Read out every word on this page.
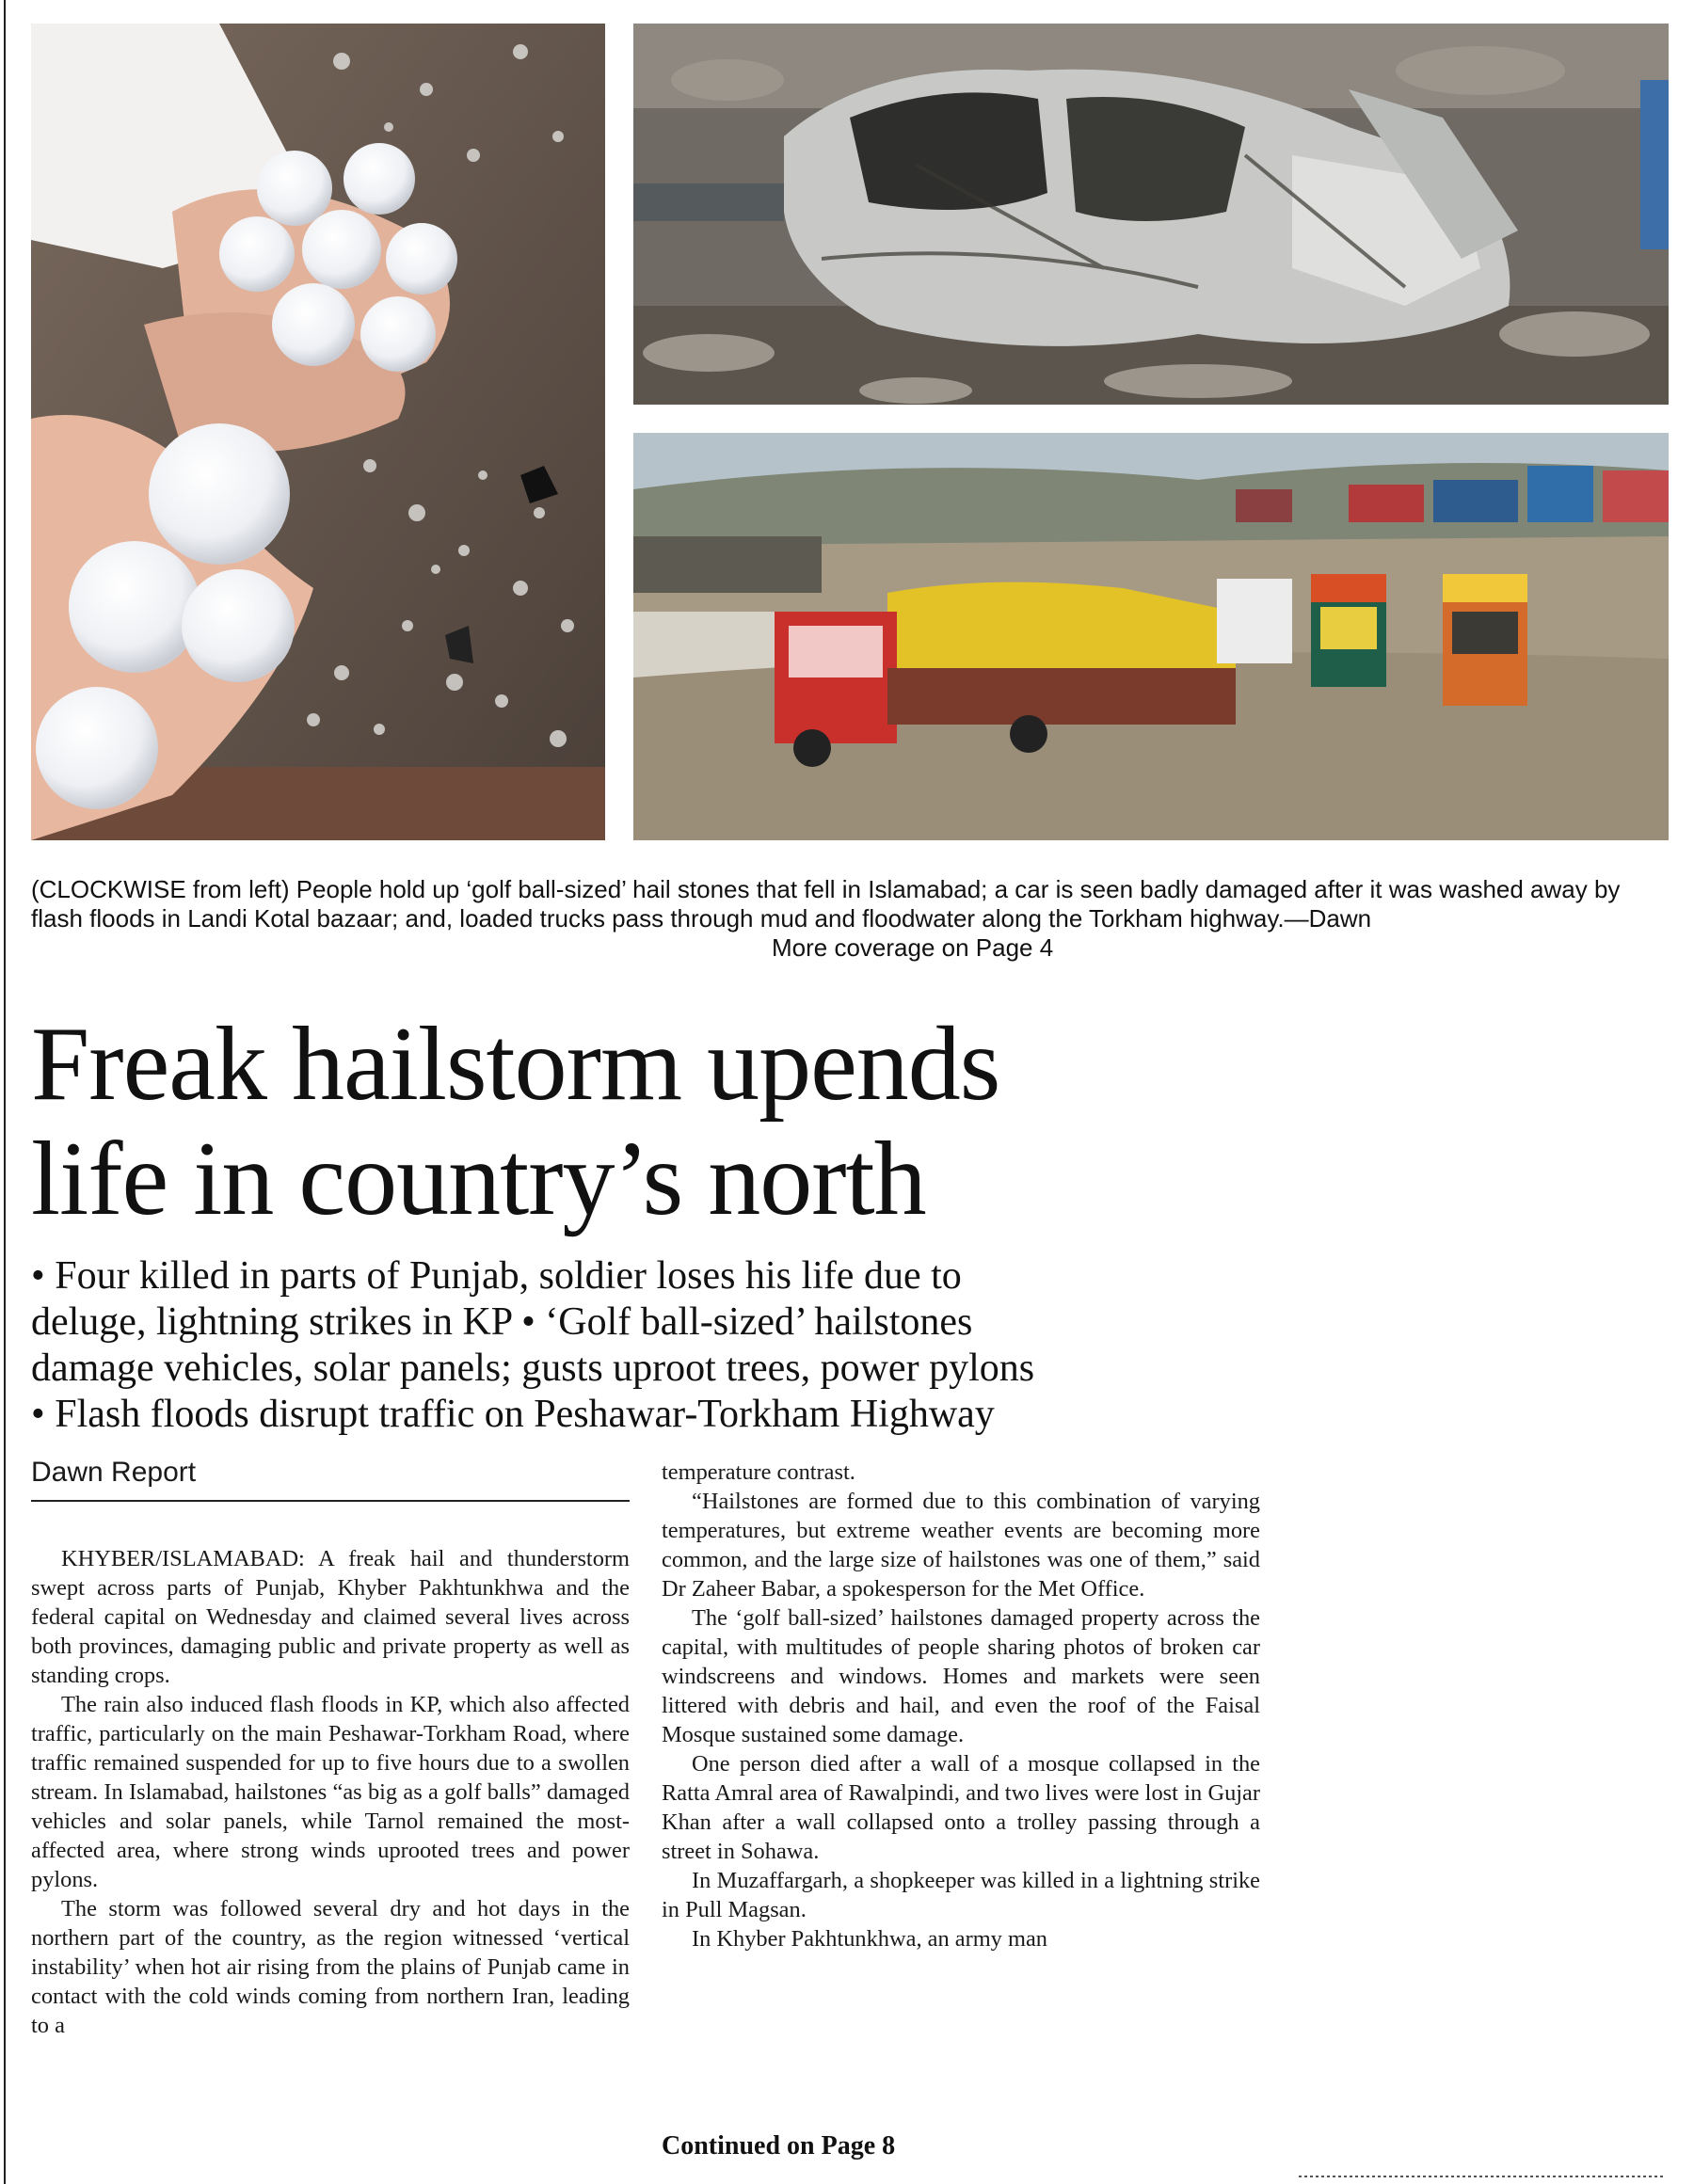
(CLOCKWISE from left) People hold up ‘golf ball-sized’ hail stones that fell in Islamabad; a car is seen badly damaged after it was washed away by flash floods in Landi Kotal bazaar; and, loaded trucks pass through mud and floodwater along the Torkham highway.—Dawn
More coverage on Page 4
Freak hailstorm upends
life in country’s north
• Four killed in parts of Punjab, soldier loses his life due to
deluge, lightning strikes in KP • ‘Golf ball-sized’ hailstones
damage vehicles, solar panels; gusts uproot trees, power pylons
• Flash floods disrupt traffic on Peshawar-Torkham Highway
Dawn Report

KHYBER/ISLAMABAD: A freak hail and thunderstorm swept across parts of Punjab, Khyber Pakhtunkhwa and the federal capital on Wednesday and claimed several lives across both provinces, damaging public and private property as well as standing crops.

The rain also induced flash floods in KP, which also affected traffic, particularly on the main Peshawar-Torkham Road, where traffic remained suspended for up to five hours due to a swollen stream. In Islamabad, hailstones “as big as a golf balls” damaged vehicles and solar panels, while Tarnol remained the most-affected area, where strong winds uprooted trees and power pylons.

The storm was followed several dry and hot days in the northern part of the country, as the region witnessed ‘vertical instability’ when hot air rising from the plains of Punjab came in contact with the cold winds coming from northern Iran, leading to a

temperature contrast.

“Hailstones are formed due to this combination of varying temperatures, but extreme weather events are becoming more common, and the large size of hailstones was one of them,” said Dr Zaheer Babar, a spokesperson for the Met Office.

The ‘golf ball-sized’ hailstones damaged property across the capital, with multitudes of people sharing photos of broken car windscreens and windows. Homes and markets were seen littered with debris and hail, and even the roof of the Faisal Mosque sustained some damage.

One person died after a wall of a mosque collapsed in the Ratta Amral area of Rawalpindi, and two lives were lost in Gujar Khan after a wall collapsed onto a trolley passing through a street in Sohawa.

In Muzaffargarh, a shopkeeper was killed in a lightning strike in Pull Magsan.

In Khyber Pakhtunkhwa, an army man

Continued on Page 8
